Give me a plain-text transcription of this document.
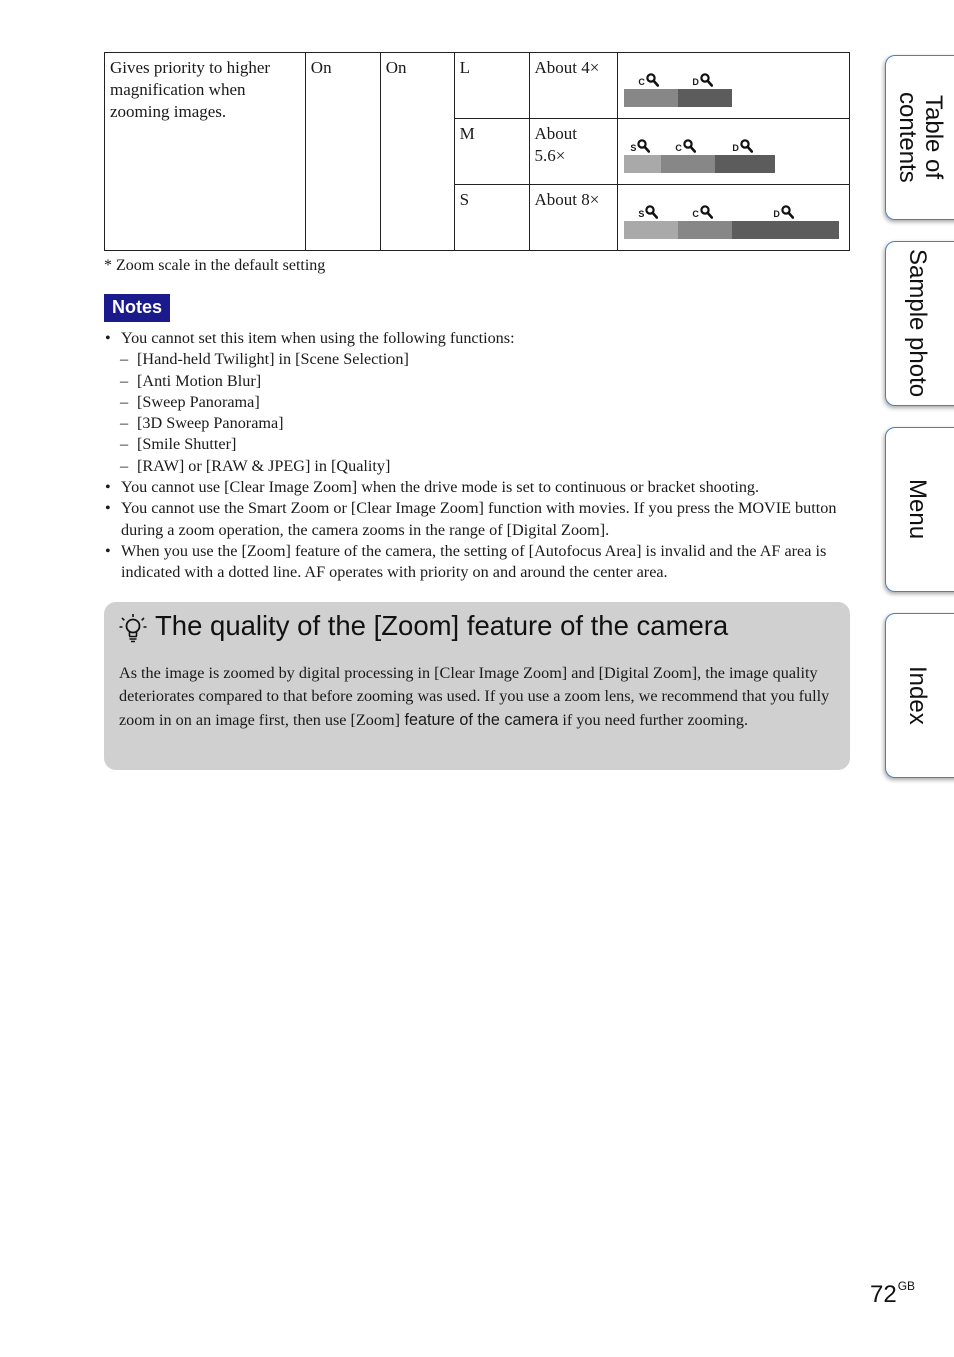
Gives priority to higher magnification when zooming images.	On	On	L	About 4×	C D

			M	About 5.6×	S C D

			S	About 8×	S C D
* Zoom scale in the default setting
Notes
• You cannot set this item when using the following functions:
– [Hand-held Twilight] in [Scene Selection]
– [Anti Motion Blur]
– [Sweep Panorama]
– [3D Sweep Panorama]
– [Smile Shutter]
– [RAW] or [RAW & JPEG] in [Quality]
• You cannot use [Clear Image Zoom] when the drive mode is set to continuous or bracket shooting.
• You cannot use the Smart Zoom or [Clear Image Zoom] function with movies. If you press the MOVIE button during a zoom operation, the camera zooms in the range of [Digital Zoom].
• When you use the [Zoom] feature of the camera, the setting of [Autofocus Area] is invalid and the AF area is indicated with a dotted line. AF operates with priority on and around the center area.
The quality of the [Zoom] feature of the camera
As the image is zoomed by digital processing in [Clear Image Zoom] and [Digital Zoom], the image quality deteriorates compared to that before zooming was used. If you use a zoom lens, we recommend that you fully zoom in on an image first, then use [Zoom] feature of the camera if you need further zooming.
Table of
contents
Sample photo
Menu
Index
$72^{GB}$
